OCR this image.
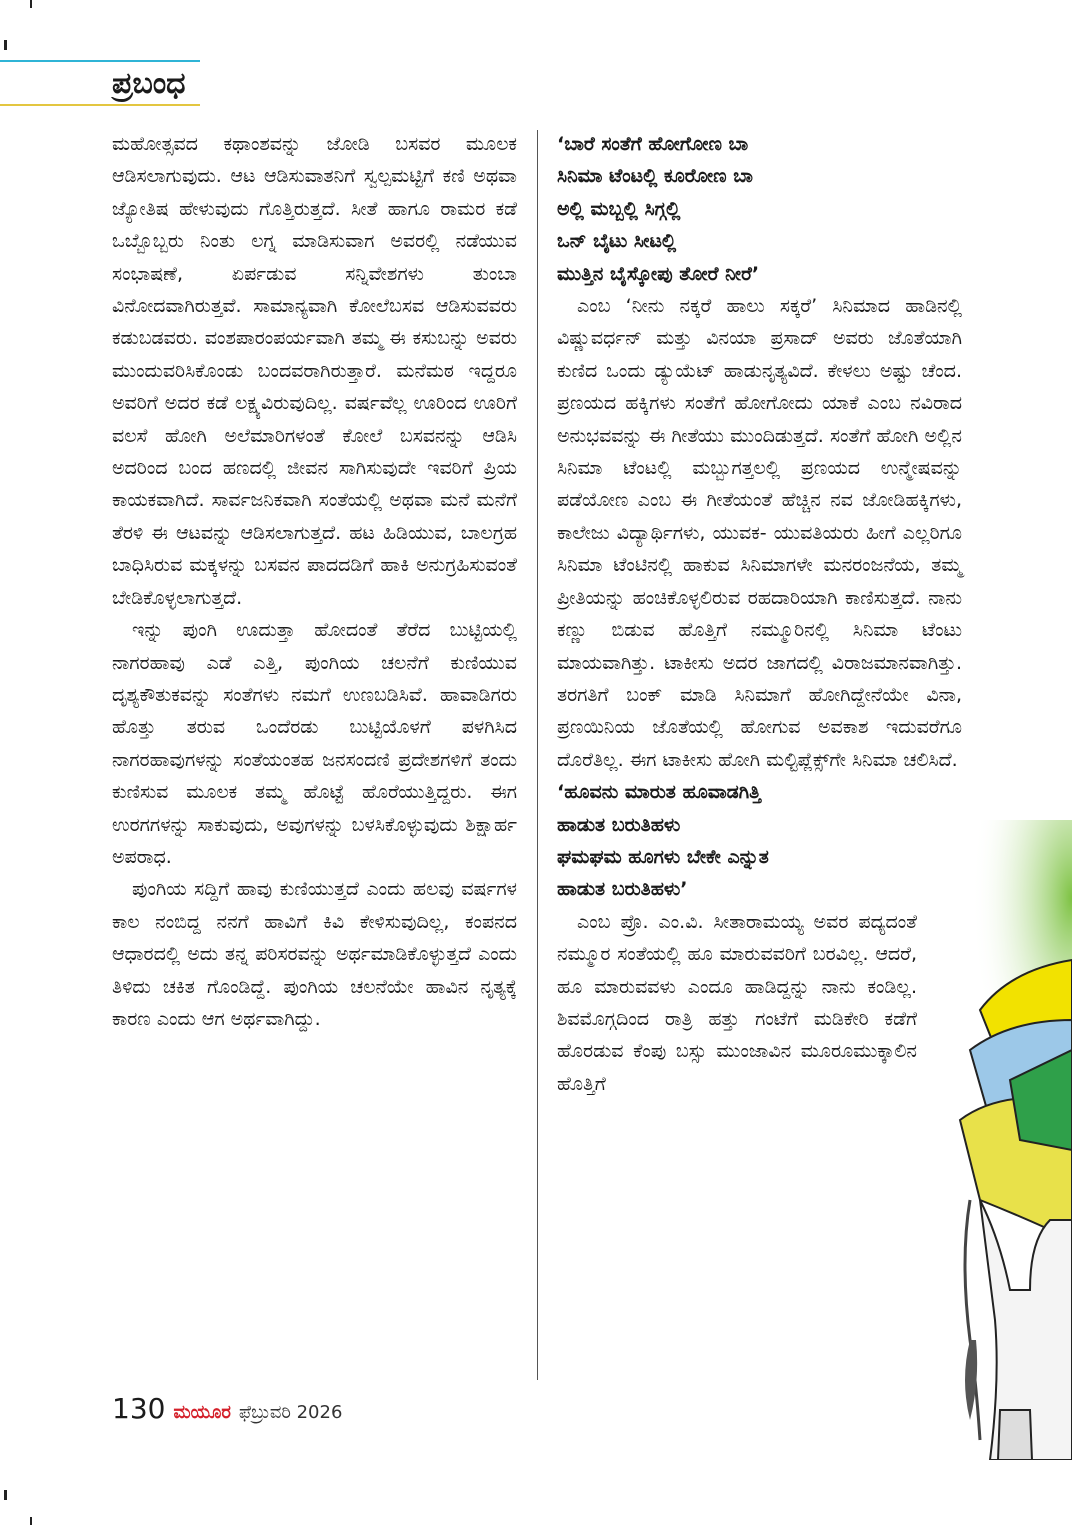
ಪ್ರಬಂಧ

ಮಹೋತ್ಸವದ ಕಥಾಂಶವನ್ನು ಜೋಡಿ ಬಸವರ ಮೂಲಕ ಆಡಿಸಲಾಗುವುದು. ಆಟ ಆಡಿಸುವಾತನಿಗೆ ಸ್ವಲ್ಪಮಟ್ಟಿಗೆ ಕಣಿ ಅಥವಾ ಜ್ಯೋತಿಷ ಹೇಳುವುದು ಗೊತ್ತಿರುತ್ತದೆ. ಸೀತೆ ಹಾಗೂ ರಾಮರ ಕಡೆ ಒಬ್ಬೊಬ್ಬರು ನಿಂತು ಲಗ್ನ ಮಾಡಿಸುವಾಗ ಅವರಲ್ಲಿ ನಡೆಯುವ ಸಂಭಾಷಣೆ, ಏರ್ಪಡುವ ಸನ್ನಿವೇಶಗಳು ತುಂಬಾ ವಿನೋದವಾಗಿರುತ್ತವೆ. ಸಾಮಾನ್ಯವಾಗಿ ಕೋಲೆಬಸವ ಆಡಿಸುವವರು ಕಡುಬಡವರು. ವಂಶಪಾರಂಪರ್ಯವಾಗಿ ತಮ್ಮ ಈ ಕಸುಬನ್ನು ಅವರು ಮುಂದುವರಿಸಿಕೊಂಡು ಬಂದವರಾಗಿರುತ್ತಾರೆ. ಮನೆಮಠ ಇದ್ದರೂ ಅವರಿಗೆ ಅದರ ಕಡೆ ಲಕ್ಷ್ಯವಿರುವುದಿಲ್ಲ. ವರ್ಷವೆಲ್ಲ ಊರಿಂದ ಊರಿಗೆ ವಲಸೆ ಹೋಗಿ ಅಲೆಮಾರಿಗಳಂತೆ ಕೋಲೆ ಬಸವನನ್ನು ಆಡಿಸಿ ಅದರಿಂದ ಬಂದ ಹಣದಲ್ಲಿ ಜೀವನ ಸಾಗಿಸುವುದೇ ಇವರಿಗೆ ಪ್ರಿಯ ಕಾಯಕವಾಗಿದೆ. ಸಾರ್ವಜನಿಕವಾಗಿ ಸಂತೆಯಲ್ಲಿ ಅಥವಾ ಮನೆ ಮನೆಗೆ ತೆರಳಿ ಈ ಆಟವನ್ನು ಆಡಿಸಲಾಗುತ್ತದೆ. ಹಟ ಹಿಡಿಯುವ, ಬಾಲಗ್ರಹ ಬಾಧಿಸಿರುವ ಮಕ್ಕಳನ್ನು ಬಸವನ ಪಾದದಡಿಗೆ ಹಾಕಿ ಅನುಗ್ರಹಿಸುವಂತೆ ಬೇಡಿಕೊಳ್ಳಲಾಗುತ್ತದೆ.

ಇನ್ನು ಪುಂಗಿ ಊದುತ್ತಾ ಹೋದಂತೆ ತೆರೆದ ಬುಟ್ಟಿಯಲ್ಲಿ ನಾಗರಹಾವು ಎಡೆ ಎತ್ತಿ, ಪುಂಗಿಯ ಚಲನೆಗೆ ಕುಣಿಯುವ ದೃಶ್ಯಕೌತುಕವನ್ನು ಸಂತೆಗಳು ನಮಗೆ ಉಣಬಡಿಸಿವೆ. ಹಾವಾಡಿಗರು ಹೊತ್ತು ತರುವ ಒಂದೆರಡು ಬುಟ್ಟಿಯೊಳಗೆ ಪಳಗಿಸಿದ ನಾಗರಹಾವುಗಳನ್ನು ಸಂತೆಯಂತಹ ಜನಸಂದಣಿ ಪ್ರದೇಶಗಳಿಗೆ ತಂದು ಕುಣಿಸುವ ಮೂಲಕ ತಮ್ಮ ಹೊಟ್ಟೆ ಹೊರೆಯುತ್ತಿದ್ದರು. ಈಗ ಉರಗಗಳನ್ನು ಸಾಕುವುದು, ಅವುಗಳನ್ನು ಬಳಸಿಕೊಳ್ಳುವುದು ಶಿಕ್ಷಾರ್ಹ ಅಪರಾಧ.

ಪುಂಗಿಯ ಸದ್ದಿಗೆ ಹಾವು ಕುಣಿಯುತ್ತದೆ ಎಂದು ಹಲವು ವರ್ಷಗಳ ಕಾಲ ನಂಬಿದ್ದ ನನಗೆ ಹಾವಿಗೆ ಕಿವಿ ಕೇಳಿಸುವುದಿಲ್ಲ, ಕಂಪನದ ಆಧಾರದಲ್ಲಿ ಅದು ತನ್ನ ಪರಿಸರವನ್ನು ಅರ್ಥಮಾಡಿಕೊಳ್ಳುತ್ತದೆ ಎಂದು ತಿಳಿದು ಚಕಿತ ಗೊಂಡಿದ್ದೆ. ಪುಂಗಿಯ ಚಲನೆಯೇ ಹಾವಿನ ನೃತ್ಯಕ್ಕೆ ಕಾರಣ ಎಂದು ಆಗ ಅರ್ಥವಾಗಿದ್ದು.

‘ಬಾರೆ ಸಂತೆಗೆ ಹೋಗೋಣ ಬಾ
ಸಿನಿಮಾ ಟೆಂಟಲ್ಲಿ ಕೂರೋಣ ಬಾ
ಅಲ್ಲಿ ಮಬ್ಬಲ್ಲಿ ಸಿಗ್ಗಲ್ಲಿ
ಒನ್ ಬೈಟು ಸೀಟಲ್ಲಿ
ಮುತ್ತಿನ ಬೈಸ್ಕೋಪು ತೋರೆ ನೀರೆ’

ಎಂಬ ‘ನೀನು ನಕ್ಕರೆ ಹಾಲು ಸಕ್ಕರೆ’ ಸಿನಿಮಾದ ಹಾಡಿನಲ್ಲಿ ವಿಷ್ಣುವರ್ಧನ್ ಮತ್ತು ವಿನಯಾ ಪ್ರಸಾದ್ ಅವರು ಜೊತೆಯಾಗಿ ಕುಣಿದ ಒಂದು ಡ್ಯುಯೆಟ್ ಹಾಡುನೃತ್ಯವಿದೆ. ಕೇಳಲು ಅಷ್ಟು ಚೆಂದ. ಪ್ರಣಯದ ಹಕ್ಕಿಗಳು ಸಂತೆಗೆ ಹೋಗೋದು ಯಾಕೆ ಎಂಬ ನವಿರಾದ ಅನುಭವವನ್ನು ಈ ಗೀತೆಯು ಮುಂದಿಡುತ್ತದೆ. ಸಂತೆಗೆ ಹೋಗಿ ಅಲ್ಲಿನ ಸಿನಿಮಾ ಟೆಂಟಲ್ಲಿ ಮಬ್ಬುಗತ್ತಲಲ್ಲಿ ಪ್ರಣಯದ ಉನ್ಮೇಷವನ್ನು ಪಡೆಯೋಣ ಎಂಬ ಈ ಗೀತೆಯಂತೆ ಹೆಚ್ಚಿನ ನವ ಜೋಡಿಹಕ್ಕಿಗಳು, ಕಾಲೇಜು ವಿದ್ಯಾರ್ಥಿಗಳು, ಯುವಕ- ಯುವತಿಯರು ಹೀಗೆ ಎಲ್ಲರಿಗೂ ಸಿನಿಮಾ ಟೆಂಟಿನಲ್ಲಿ ಹಾಕುವ ಸಿನಿಮಾಗಳೇ ಮನರಂಜನೆಯ, ತಮ್ಮ ಪ್ರೀತಿಯನ್ನು ಹಂಚಿಕೊಳ್ಳಲಿರುವ ರಹದಾರಿಯಾಗಿ ಕಾಣಿಸುತ್ತದೆ. ನಾನು ಕಣ್ಣು ಬಿಡುವ ಹೊತ್ತಿಗೆ ನಮ್ಮೂರಿನಲ್ಲಿ ಸಿನಿಮಾ ಟೆಂಟು ಮಾಯವಾಗಿತ್ತು. ಟಾಕೀಸು ಅದರ ಜಾಗದಲ್ಲಿ ವಿರಾಜಮಾನವಾಗಿತ್ತು. ತರಗತಿಗೆ ಬಂಕ್ ಮಾಡಿ ಸಿನಿಮಾಗೆ ಹೋಗಿದ್ದೇನೆಯೇ ವಿನಾ, ಪ್ರಣಯಿನಿಯ ಜೊತೆಯಲ್ಲಿ ಹೋಗುವ ಅವಕಾಶ ಇದುವರೆಗೂ ದೊರೆತಿಲ್ಲ. ಈಗ ಟಾಕೀಸು ಹೋಗಿ ಮಲ್ಟಿಪ್ಲೆಕ್ಸ್‌ಗೇ ಸಿನಿಮಾ ಚಲಿಸಿದೆ.

‘ಹೂವನು ಮಾರುತ ಹೂವಾಡಗಿತ್ತಿ
ಹಾಡುತ ಬರುತಿಹಳು
ಘಮಘಮ ಹೂಗಳು ಬೇಕೇ ಎನ್ನುತ
ಹಾಡುತ ಬರುತಿಹಳು’

ಎಂಬ ಪ್ರೊ. ಎಂ.ವಿ. ಸೀತಾರಾಮಯ್ಯ ಅವರ ಪದ್ಯದಂತೆ ನಮ್ಮೂರ ಸಂತೆಯಲ್ಲಿ ಹೂ ಮಾರುವವರಿಗೆ ಬರವಿಲ್ಲ. ಆದರೆ, ಹೂ ಮಾರುವವಳು ಎಂದೂ ಹಾಡಿದ್ದನ್ನು ನಾನು ಕಂಡಿಲ್ಲ. ಶಿವಮೊಗ್ಗದಿಂದ ರಾತ್ರಿ ಹತ್ತು ಗಂಟೆಗೆ ಮಡಿಕೇರಿ ಕಡೆಗೆ ಹೊರಡುವ ಕೆಂಪು ಬಸ್ಸು ಮುಂಜಾವಿನ ಮೂರೂಮುಕ್ಕಾಲಿನ ಹೊತ್ತಿಗೆ

130 ಮಯೂರ ಫೆಬ್ರುವರಿ 2026
